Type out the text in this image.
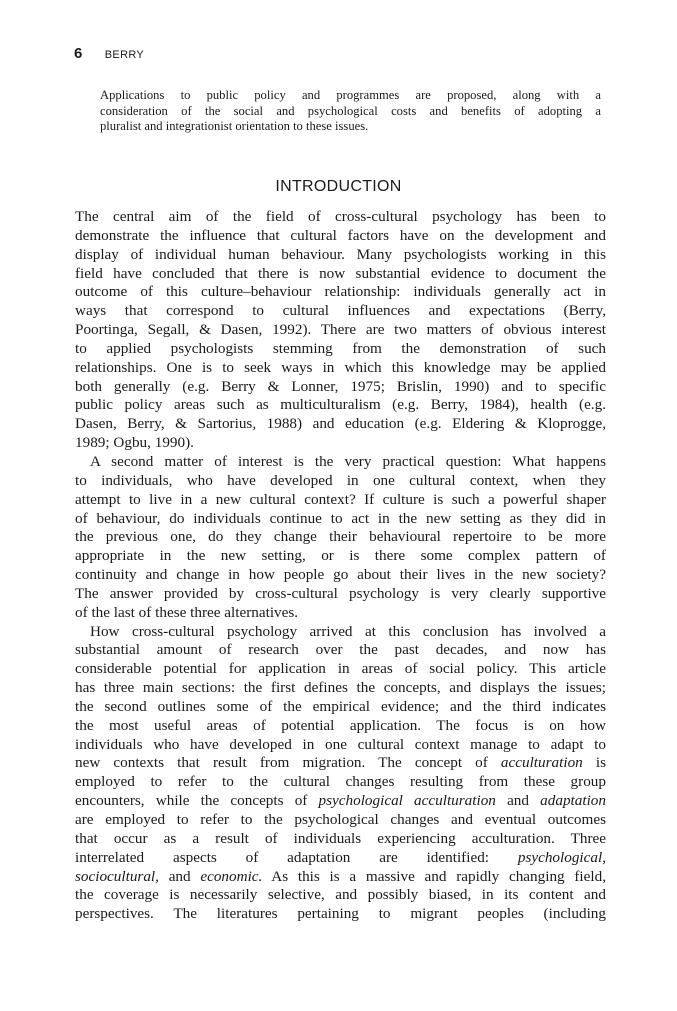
6 BERRY
Applications to public policy and programmes are proposed, along with a
consideration of the social and psychological costs and benefits of adopting a
pluralist and integrationist orientation to these issues.
INTRODUCTION
The central aim of the field of cross-cultural psychology has been to
demonstrate the influence that cultural factors have on the development and
display of individual human behaviour. Many psychologists working in this
field have concluded that there is now substantial evidence to document the
outcome of this culture–behaviour relationship: individuals generally act in
ways that correspond to cultural influences and expectations (Berry,
Poortinga, Segall, & Dasen, 1992). There are two matters of obvious interest
to applied psychologists stemming from the demonstration of such
relationships. One is to seek ways in which this knowledge may be applied
both generally (e.g. Berry & Lonner, 1975; Brislin, 1990) and to specific
public policy areas such as multiculturalism (e.g. Berry, 1984), health (e.g.
Dasen, Berry, & Sartorius, 1988) and education (e.g. Eldering & Kloprogge,
1989; Ogbu, 1990).
A second matter of interest is the very practical question: What happens
to individuals, who have developed in one cultural context, when they
attempt to live in a new cultural context? If culture is such a powerful shaper
of behaviour, do individuals continue to act in the new setting as they did in
the previous one, do they change their behavioural repertoire to be more
appropriate in the new setting, or is there some complex pattern of
continuity and change in how people go about their lives in the new society?
The answer provided by cross-cultural psychology is very clearly supportive
of the last of these three alternatives.
How cross-cultural psychology arrived at this conclusion has involved a
substantial amount of research over the past decades, and now has
considerable potential for application in areas of social policy. This article
has three main sections: the first defines the concepts, and displays the issues;
the second outlines some of the empirical evidence; and the third indicates
the most useful areas of potential application. The focus is on how
individuals who have developed in one cultural context manage to adapt to
new contexts that result from migration. The concept of acculturation is
employed to refer to the cultural changes resulting from these group
encounters, while the concepts of psychological acculturation and adaptation
are employed to refer to the psychological changes and eventual outcomes
that occur as a result of individuals experiencing acculturation. Three
interrelated aspects of adaptation are identified: psychological,
sociocultural, and economic. As this is a massive and rapidly changing field,
the coverage is necessarily selective, and possibly biased, in its content and
perspectives. The literatures pertaining to migrant peoples (including
